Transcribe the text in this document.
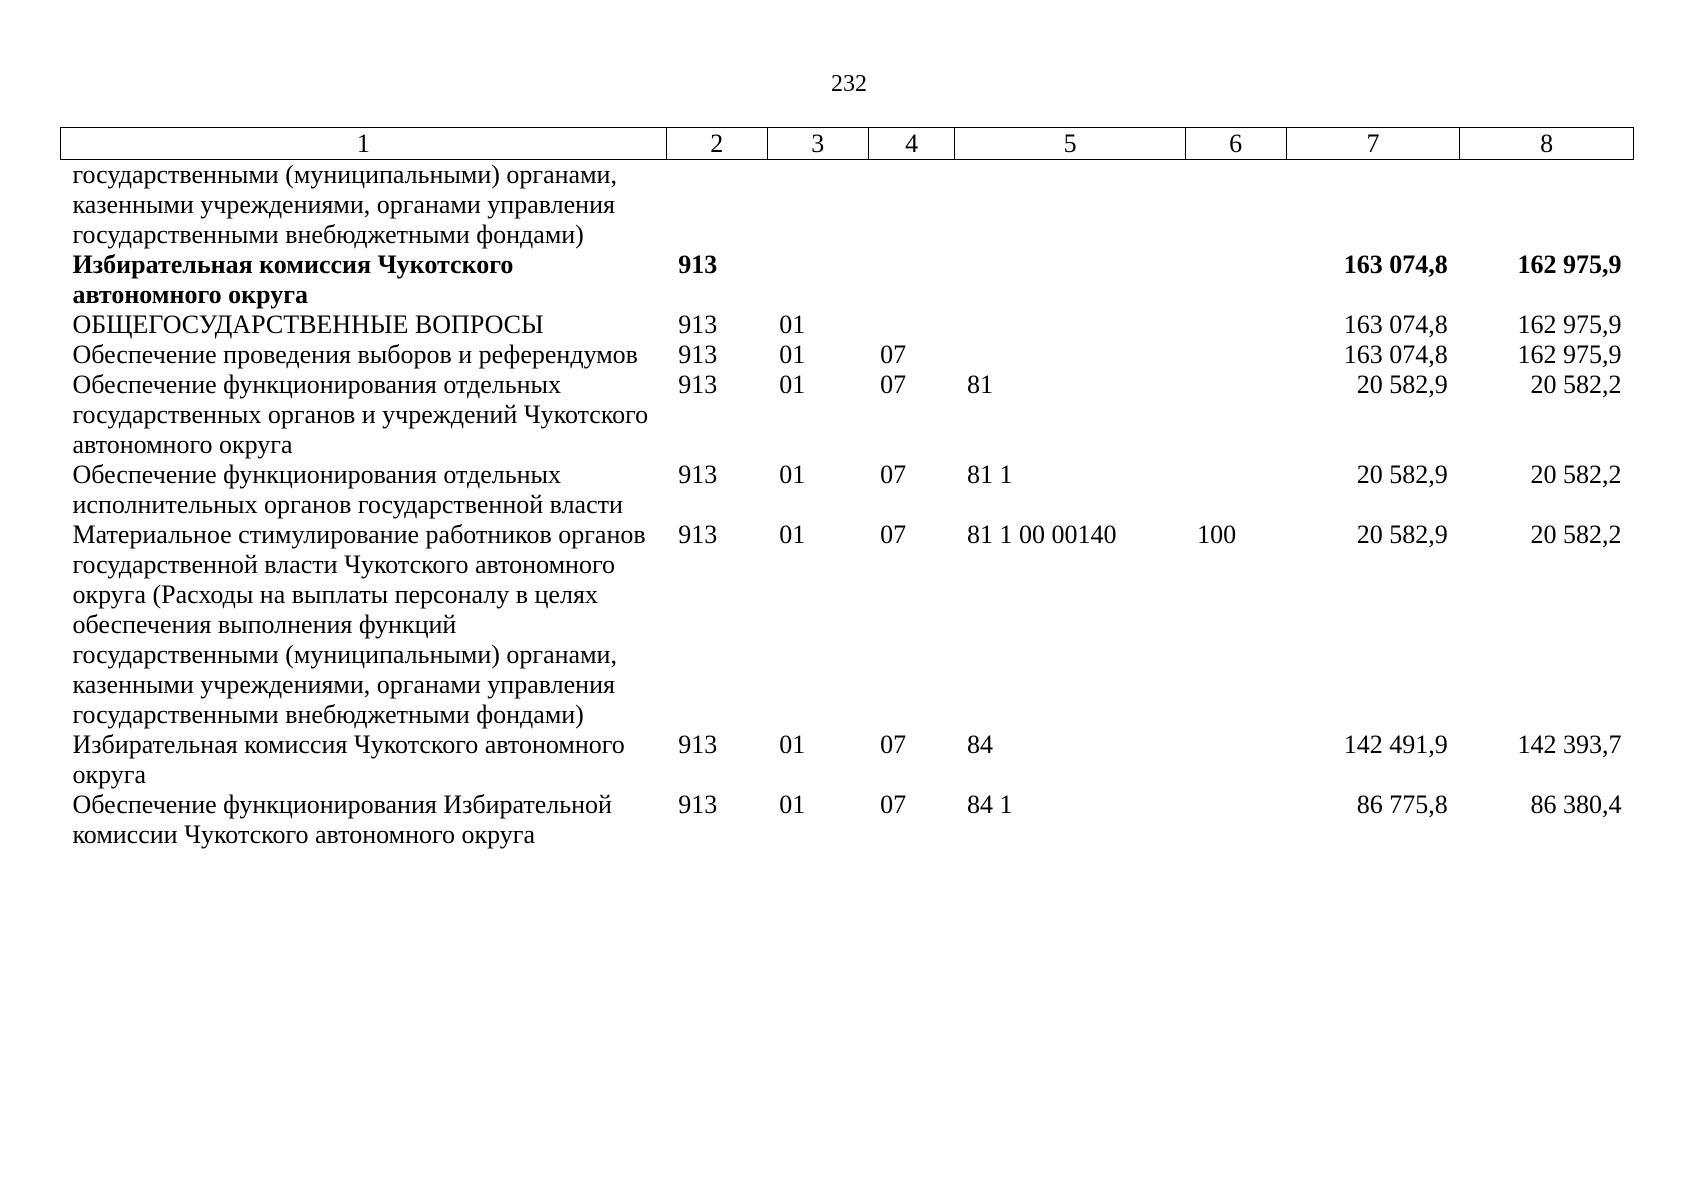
232
1	2	3	4	5	6	7	8
государственными (муниципальными) органами, казенными учреждениями, органами управления государственными внебюджетными фондами)							
Избирательная комиссия Чукотского автономного округа	913					163 074,8	162 975,9
ОБЩЕГОСУДАРСТВЕННЫЕ ВОПРОСЫ	913	01				163 074,8	162 975,9
Обеспечение проведения выборов и референдумов	913	01	07			163 074,8	162 975,9
Обеспечение функционирования отдельных государственных органов и учреждений Чукотского автономного округа	913	01	07	81		20 582,9	20 582,2
Обеспечение функционирования отдельных исполнительных органов государственной власти	913	01	07	81 1		20 582,9	20 582,2
Материальное стимулирование работников органов государственной власти Чукотского автономного округа (Расходы на выплаты персоналу в целях обеспечения выполнения функций государственными (муниципальными) органами, казенными учреждениями, органами управления государственными внебюджетными фондами)	913	01	07	81 1 00 00140	100	20 582,9	20 582,2
Избирательная комиссия Чукотского автономного округа	913	01	07	84		142 491,9	142 393,7
Обеспечение функционирования Избирательной комиссии Чукотского автономного округа	913	01	07	84 1		86 775,8	86 380,4
